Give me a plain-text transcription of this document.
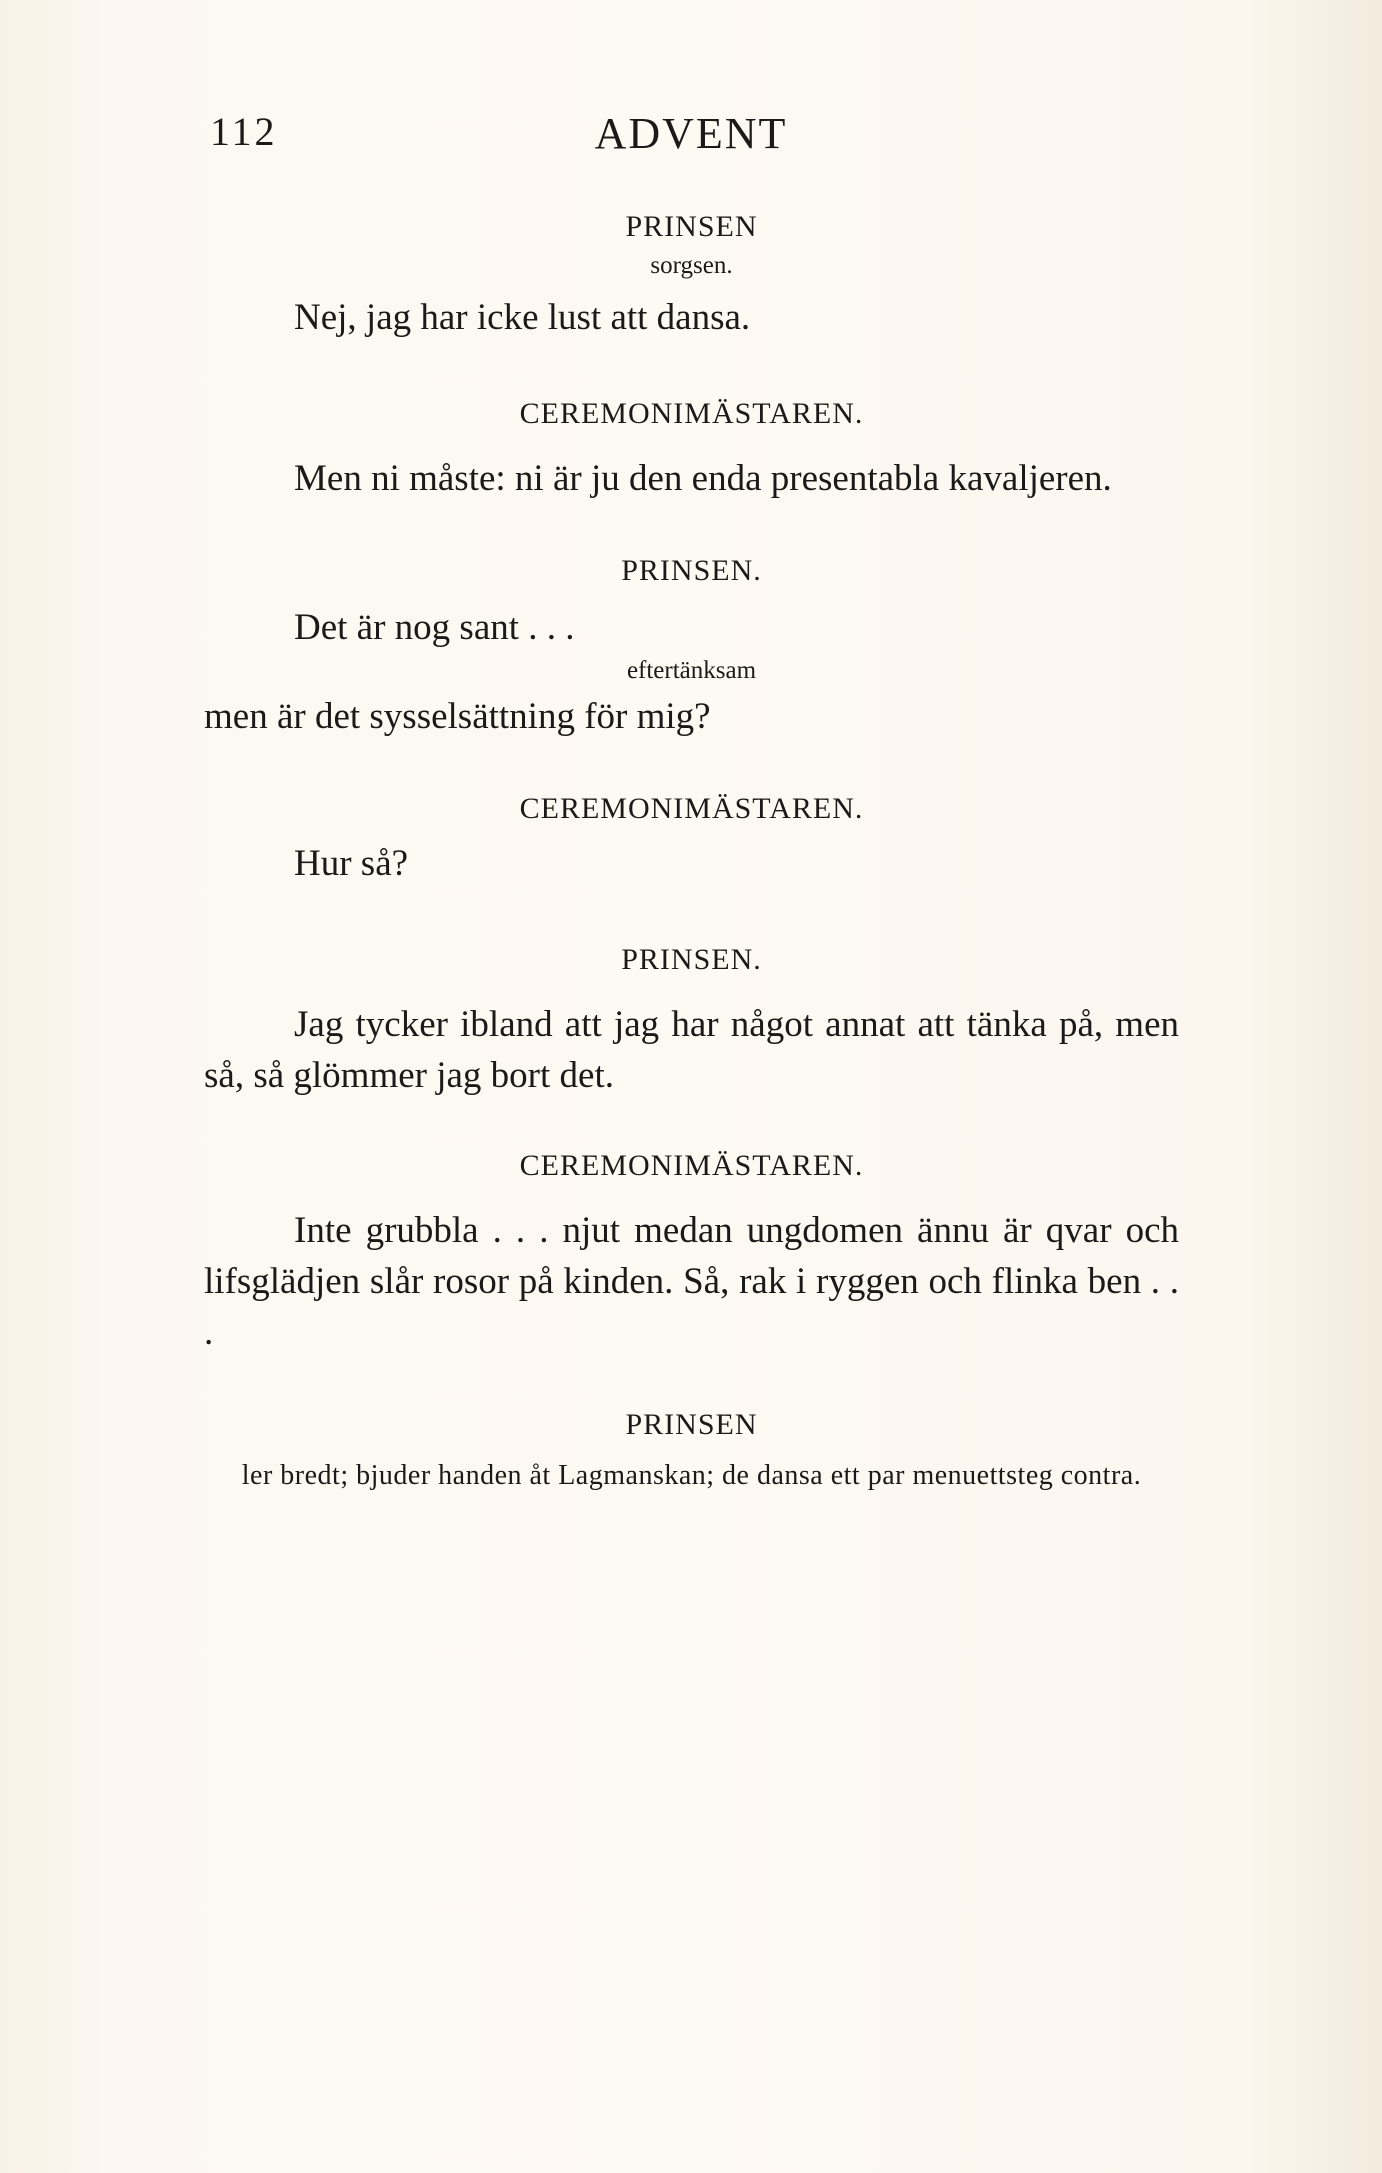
112	ADVENT

PRINSEN

sorgsen.

Nej, jag har icke lust att dansa.

CEREMONIMÄSTAREN.

Men ni måste: ni är ju den enda presentabla kavaljeren.

PRINSEN.

Det är nog sant . . .

eftertänksam

men är det sysselsättning för mig?

CEREMONIMÄSTAREN.

Hur så?

PRINSEN.

Jag tycker ibland att jag har något annat att tänka på, men så, så glömmer jag bort det.

CEREMONIMÄSTAREN.

Inte grubbla . . . njut medan ungdomen ännu är qvar och lifsglädjen slår rosor på kinden. Så, rak i ryggen och flinka ben . . .

PRINSEN

ler bredt; bjuder handen åt Lagmanskan; de dansa ett par menuettsteg contra.
